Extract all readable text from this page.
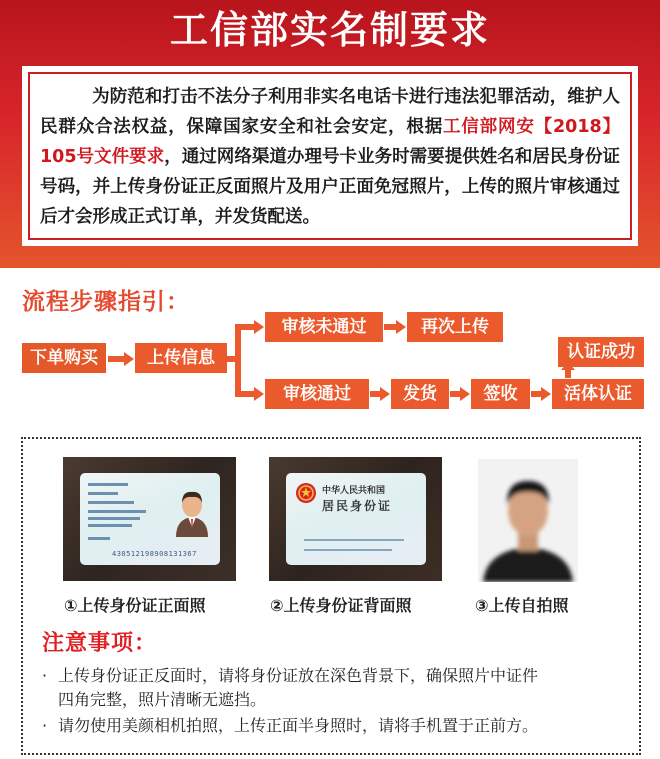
工信部实名制要求
为防范和打击不法分子利用非实名电话卡进行违法犯罪活动，维护人民群众合法权益，保障国家安全和社会安定，根据工信部网安【2018】105号文件要求，通过网络渠道办理号卡业务时需要提供姓名和居民身份证号码，并上传身份证正反面照片及用户正面免冠照片，上传的照片审核通过后才会形成正式订单，并发货配送。
流程步骤指引：
下单购买	上传信息
审核未通过	再次上传
审核通过	发货	签收	活体认证
认证成功
430512198908131367
中华人民共和国
居民身份证
①上传身份证正面照	②上传身份证背面照	③上传自拍照
注意事项：
· 上传身份证正反面时，请将身份证放在深色背景下，确保照片中证件
四角完整，照片清晰无遮挡。
· 请勿使用美颜相机拍照，上传正面半身照时，请将手机置于正前方。
